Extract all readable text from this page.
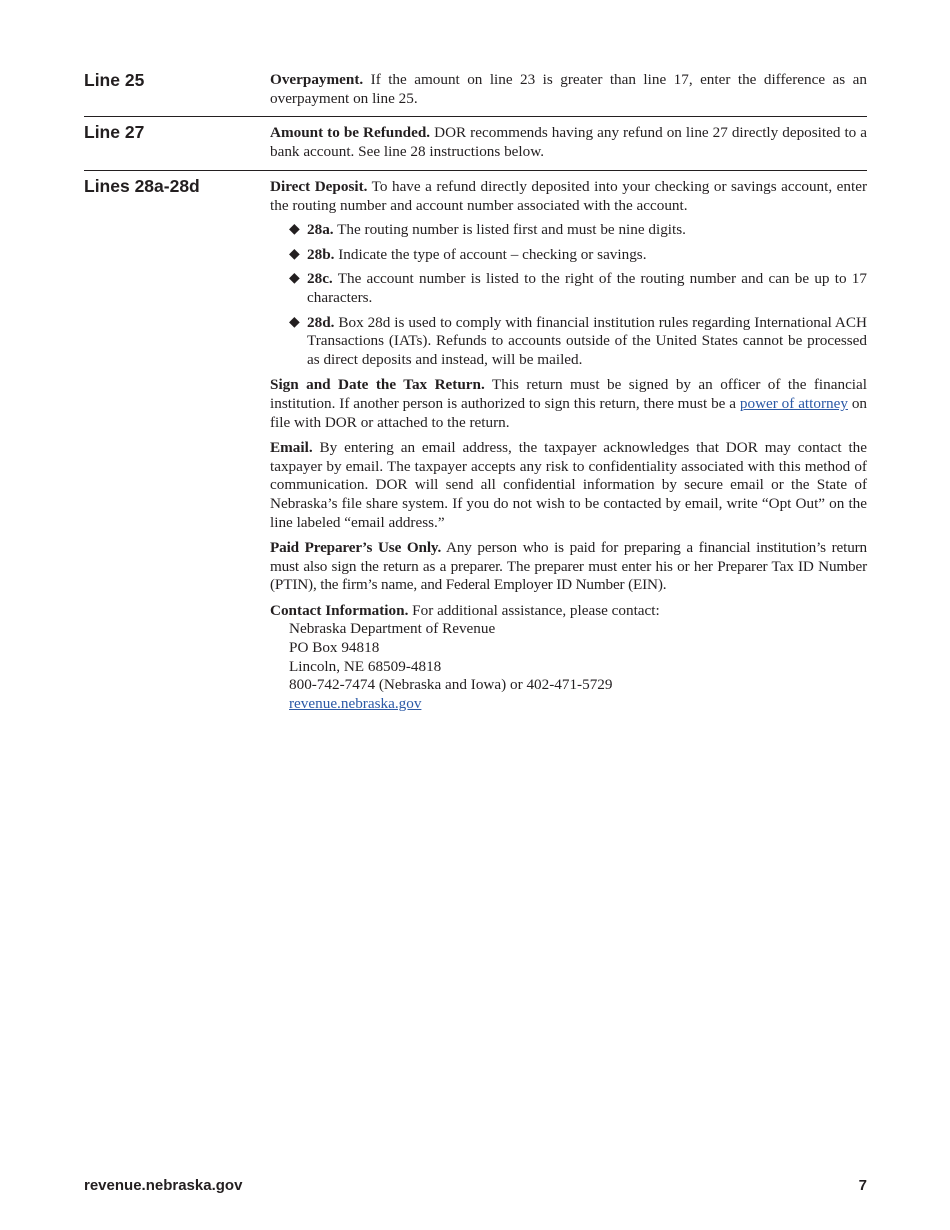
Line 25	Overpayment. If the amount on line 23 is greater than line 17, enter the difference as an overpayment on line 25.

Line 27	Amount to be Refunded. DOR recommends having any refund on line 27 directly deposited to a bank account. See line 28 instructions below.

Lines 28a-28d	Direct Deposit. To have a refund directly deposited into your checking or savings account, enter the routing number and account number associated with the account.

◆ 28a. The routing number is listed first and must be nine digits.
◆ 28b. Indicate the type of account – checking or savings.
◆ 28c. The account number is listed to the right of the routing number and can be up to 17 characters.
◆ 28d. Box 28d is used to comply with financial institution rules regarding International ACH Transactions (IATs). Refunds to accounts outside of the United States cannot be processed as direct deposits and instead, will be mailed.

Sign and Date the Tax Return. This return must be signed by an officer of the financial institution. If another person is authorized to sign this return, there must be a power of attorney on file with DOR or attached to the return.

Email. By entering an email address, the taxpayer acknowledges that DOR may contact the taxpayer by email. The taxpayer accepts any risk to confidentiality associated with this method of communication. DOR will send all confidential information by secure email or the State of Nebraska’s file share system. If you do not wish to be contacted by email, write “Opt Out” on the line labeled “email address.”

Paid Preparer’s Use Only. Any person who is paid for preparing a financial institution’s return must also sign the return as a preparer. The preparer must enter his or her Preparer Tax ID Number (PTIN), the firm’s name, and Federal Employer ID Number (EIN).

Contact Information. For additional assistance, please contact:

Nebraska Department of Revenue
PO Box 94818
Lincoln, NE 68509-4818
800-742-7474 (Nebraska and Iowa) or 402-471-5729
revenue.nebraska.gov
revenue.nebraska.gov	7
